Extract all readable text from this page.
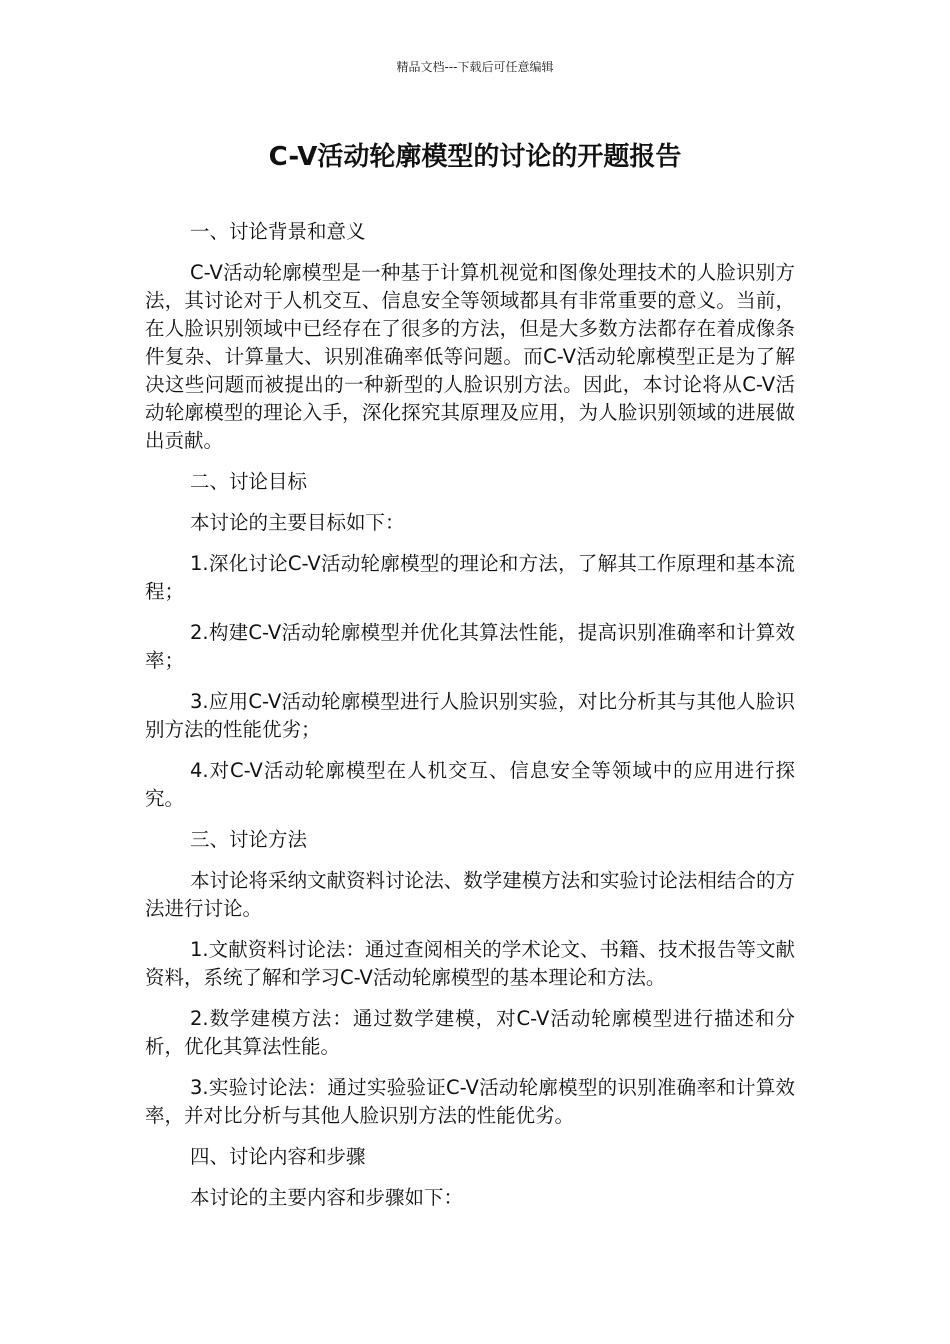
精品文档---下载后可任意编辑
C-V活动轮廓模型的讨论的开题报告

一、讨论背景和意义

C-V活动轮廓模型是一种基于计算机视觉和图像处理技术的人脸识别方法，其讨论对于人机交互、信息安全等领域都具有非常重要的意义。当前，在人脸识别领域中已经存在了很多的方法，但是大多数方法都存在着成像条件复杂、计算量大、识别准确率低等问题。而C-V活动轮廓模型正是为了解决这些问题而被提出的一种新型的人脸识别方法。因此，本讨论将从C-V活动轮廓模型的理论入手，深化探究其原理及应用，为人脸识别领域的进展做出贡献。

二、讨论目标

本讨论的主要目标如下：

1.深化讨论C-V活动轮廓模型的理论和方法，了解其工作原理和基本流程；

2.构建C-V活动轮廓模型并优化其算法性能，提高识别准确率和计算效率；

3.应用C-V活动轮廓模型进行人脸识别实验，对比分析其与其他人脸识别方法的性能优劣；

4.对C-V活动轮廓模型在人机交互、信息安全等领域中的应用进行探究。

三、讨论方法

本讨论将采纳文献资料讨论法、数学建模方法和实验讨论法相结合的方法进行讨论。

1.文献资料讨论法：通过查阅相关的学术论文、书籍、技术报告等文献资料，系统了解和学习C-V活动轮廓模型的基本理论和方法。

2.数学建模方法：通过数学建模，对C-V活动轮廓模型进行描述和分析，优化其算法性能。

3.实验讨论法：通过实验验证C-V活动轮廓模型的识别准确率和计算效率，并对比分析与其他人脸识别方法的性能优劣。

四、讨论内容和步骤

本讨论的主要内容和步骤如下：
